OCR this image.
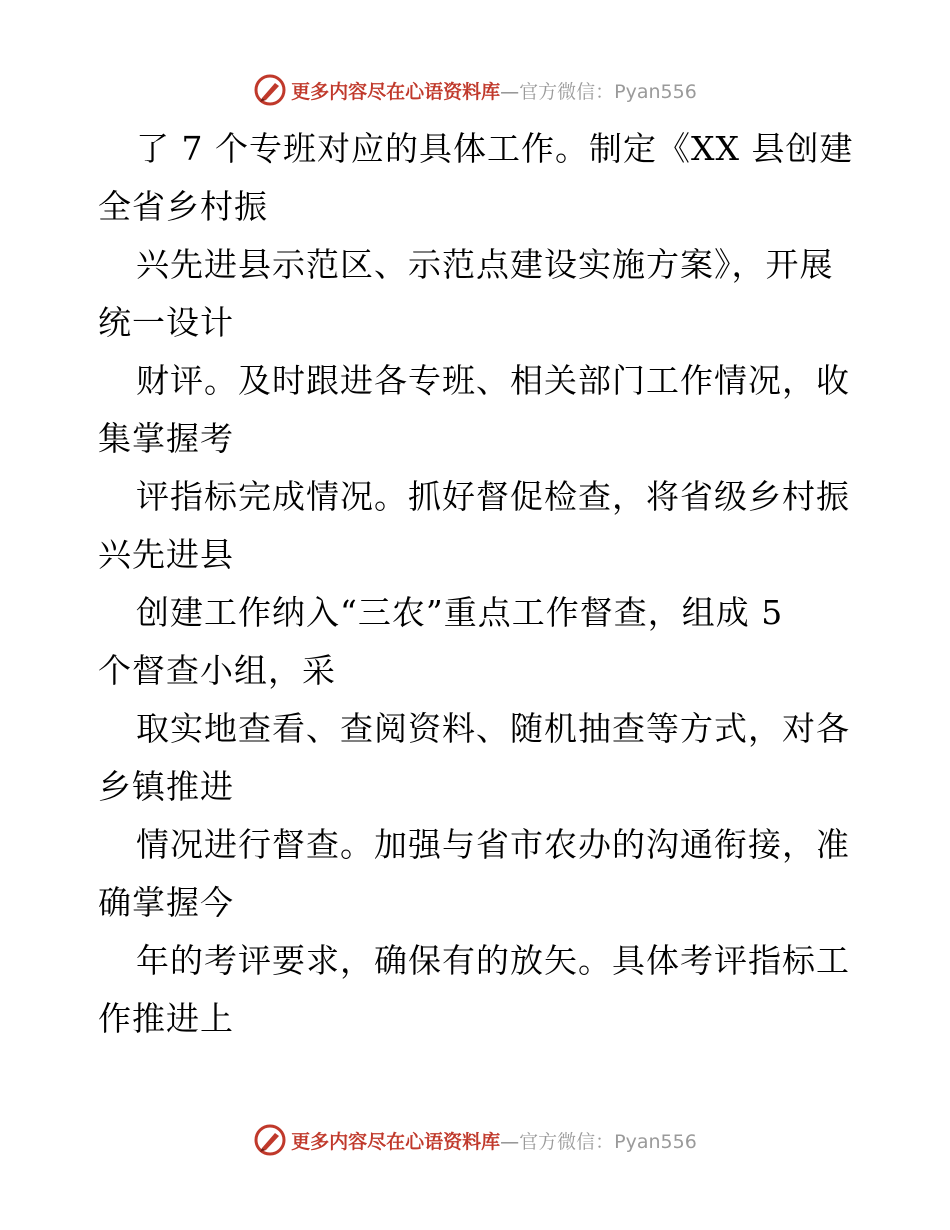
更多内容尽在心语资料库—官方微信：Pyan556
了 7 个专班对应的具体工作。制定《XX 县创建
全省乡村振
兴先进县示范区、示范点建设实施方案》，开展
统一设计
财评。及时跟进各专班、相关部门工作情况，收
集掌握考
评指标完成情况。抓好督促检查，将省级乡村振
兴先进县
创建工作纳入“三农”重点工作督查，组成 5
个督查小组，采
取实地查看、查阅资料、随机抽查等方式，对各
乡镇推进
情况进行督查。加强与省市农办的沟通衔接，准
确掌握今
年的考评要求，确保有的放矢。具体考评指标工
作推进上
更多内容尽在心语资料库—官方微信：Pyan556
